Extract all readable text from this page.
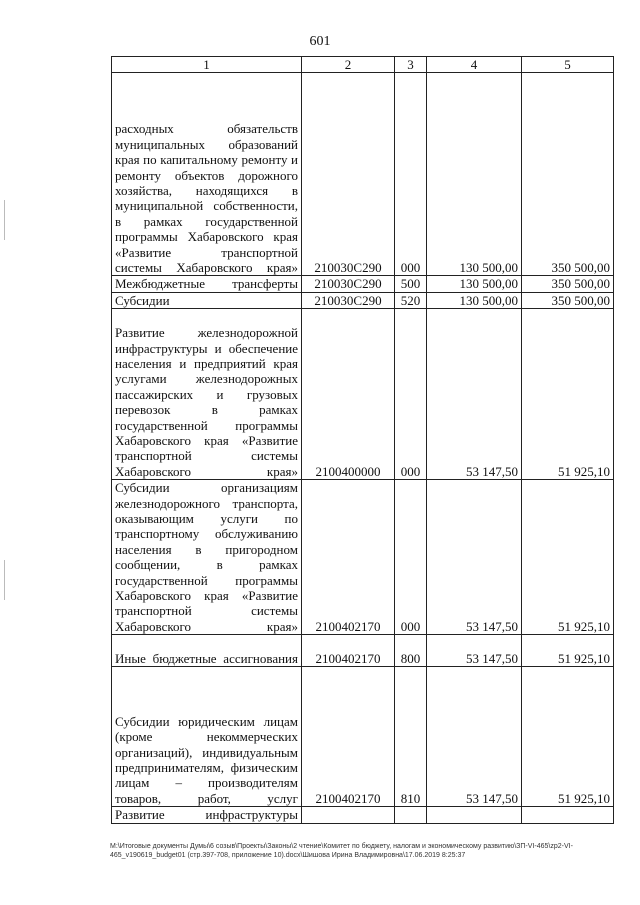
601
1	2	3	4	5
расходных обязательств муниципальных образований края по капитальному ремонту и ремонту объектов дорожного хозяйства, находящихся в муниципальной собственности, в рамках государственной программы Хабаровского края «Развитие транспортной системы Хабаровского края»	210030С290	000	130 500,00	350 500,00
Межбюджетные трансферты	210030С290	500	130 500,00	350 500,00
Субсидии	210030С290	520	130 500,00	350 500,00
Развитие железнодорожной инфраструктуры и обеспечение населения и предприятий края услугами железнодорожных пассажирских и грузовых перевозок в рамках государственной программы Хабаровского края «Развитие транспортной системы Хабаровского края»	2100400000	000	53 147,50	51 925,10
Субсидии организациям железнодорожного транспорта, оказывающим услуги по транспортному обслуживанию населения в пригородном сообщении, в рамках государственной программы Хабаровского края «Развитие транспортной системы Хабаровского края»	2100402170	000	53 147,50	51 925,10
Иные бюджетные ассигнования	2100402170	800	53 147,50	51 925,10
Субсидии юридическим лицам (кроме некоммерческих организаций), индивидуальным предпринимателям, физическим лицам – производителям товаров, работ, услуг	2100402170	810	53 147,50	51 925,10
Развитие инфраструктуры				
M:\Итоговые документы Думы\6 созыв\Проекты\Законы\2 чтение\Комитет по бюджету, налогам и экономическому развитию\ЗП-VI-465\zp2-VI-465_v190619_budget01 (стр.397-708, приложение 10).docx\Шишова Ирина Владимировна\17.06.2019 8:25:37
